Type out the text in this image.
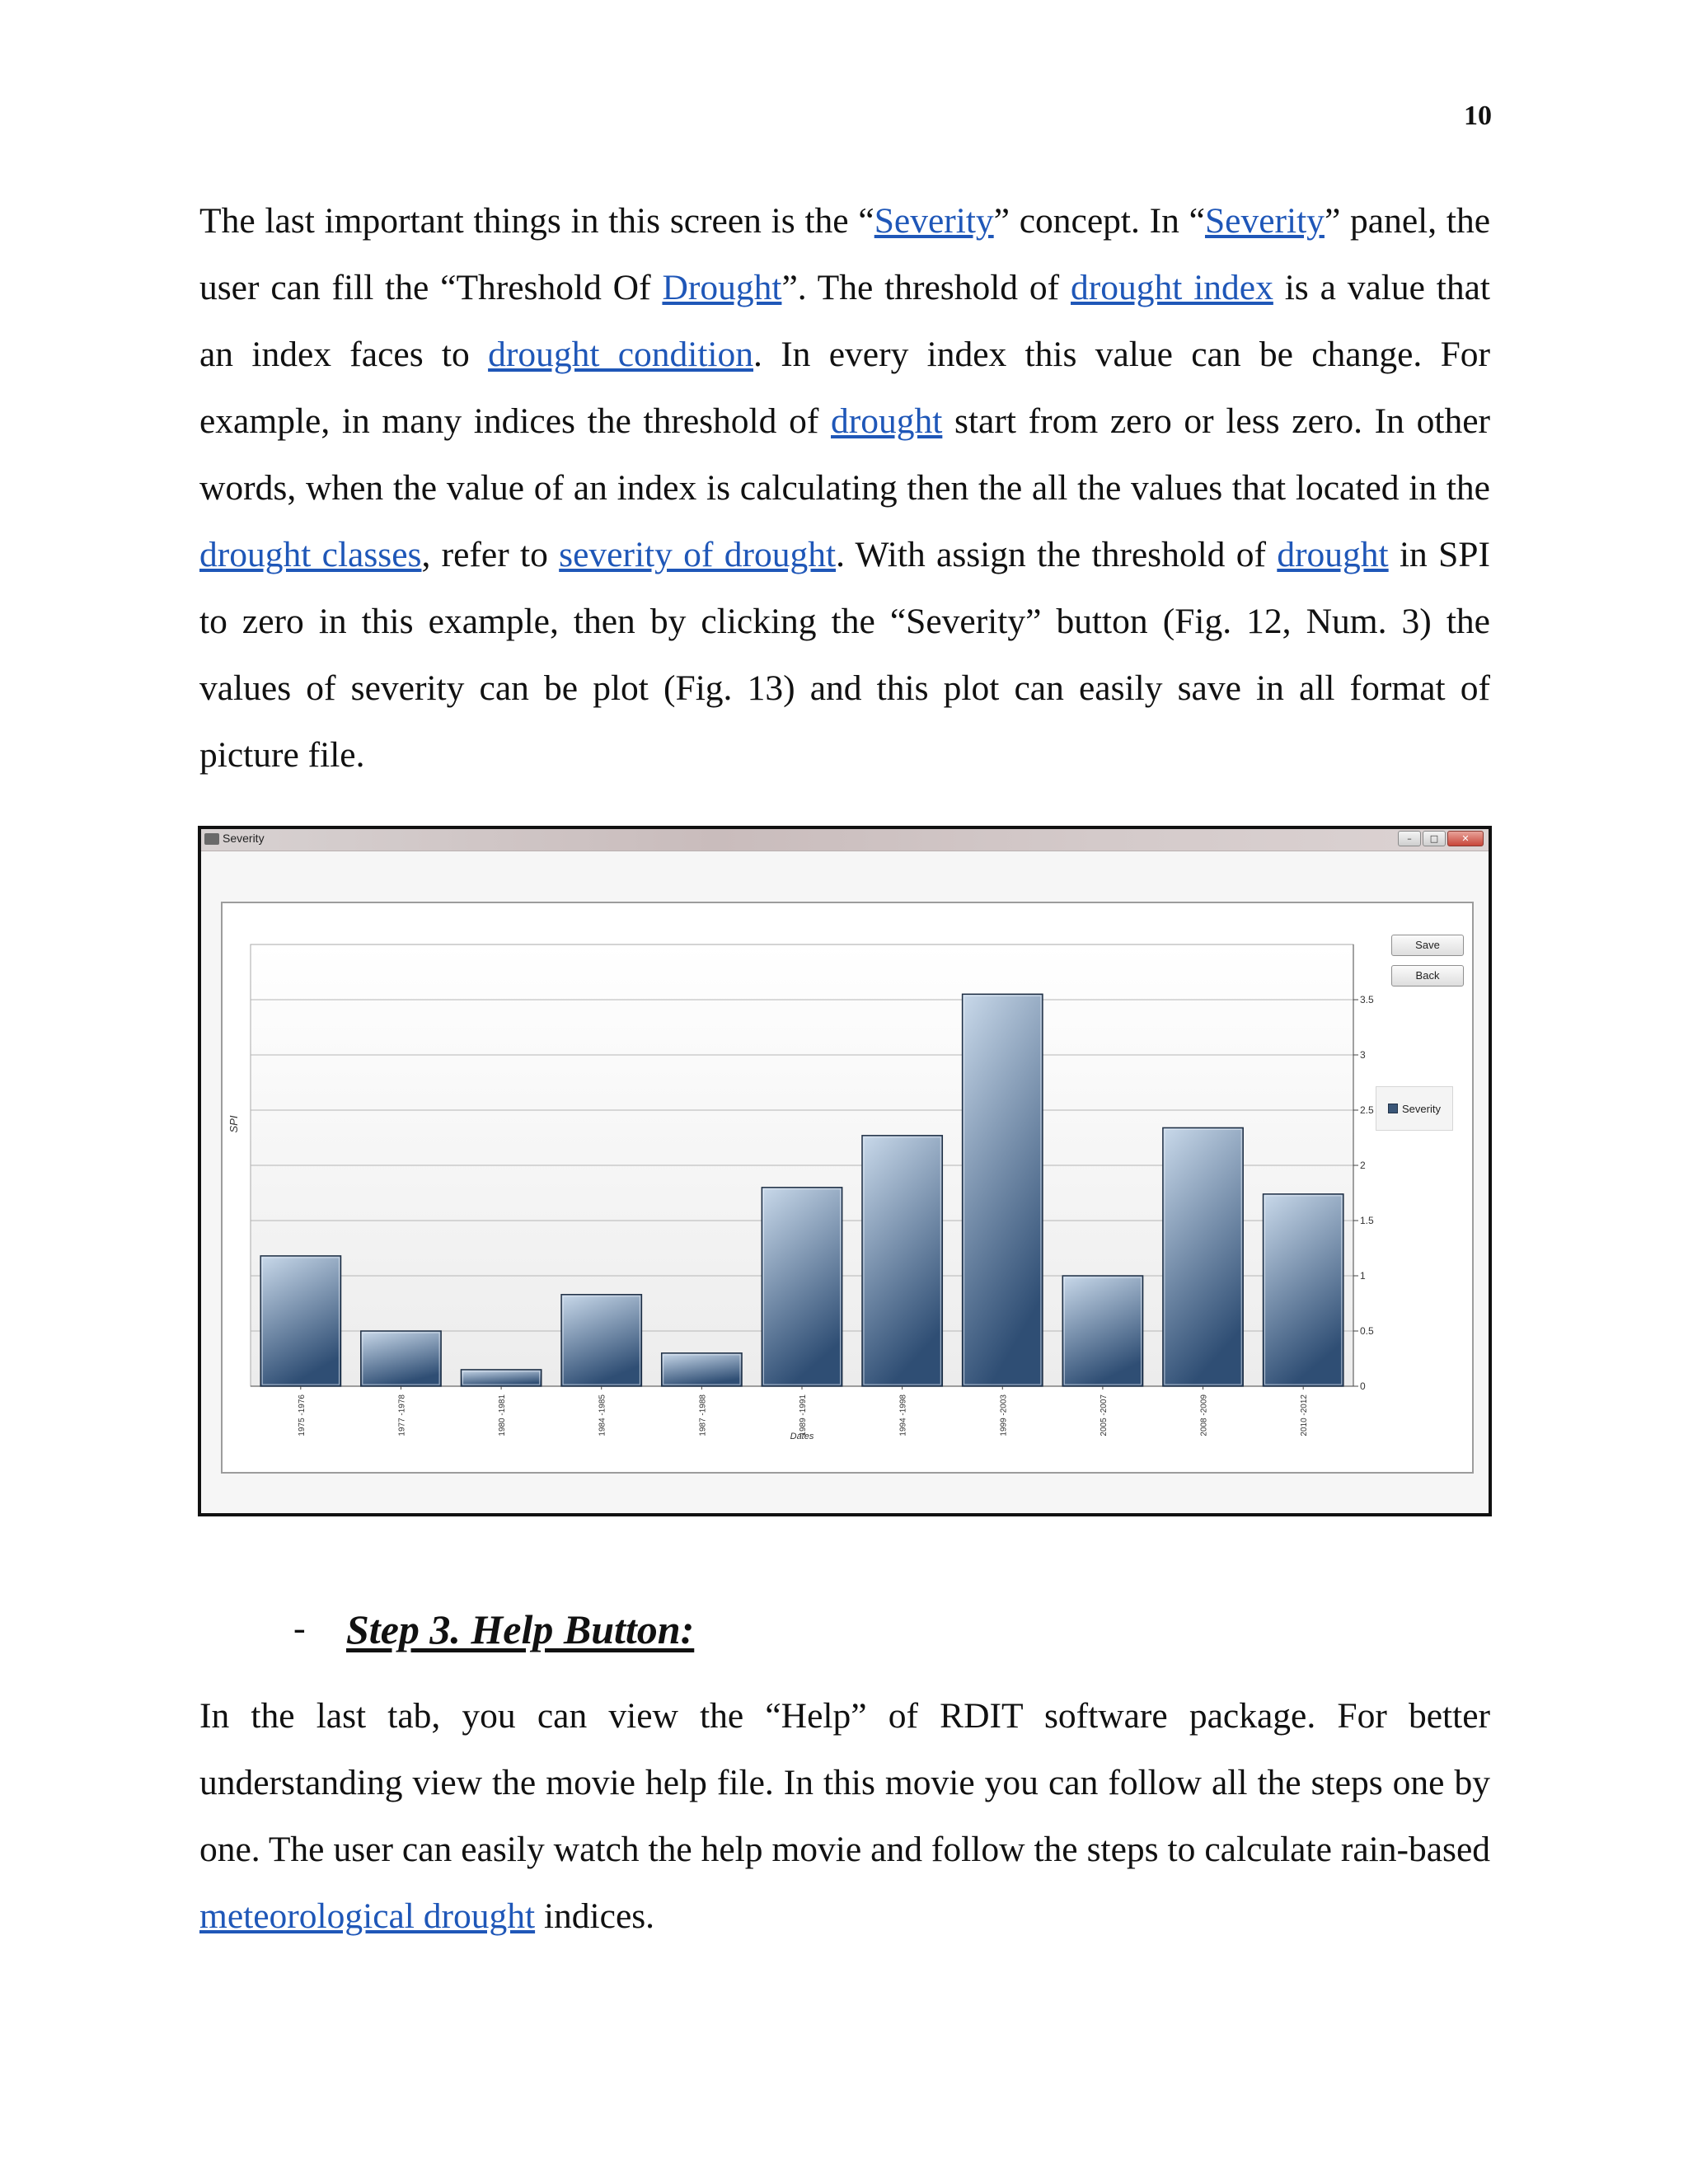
10

The last important things in this screen is the “Severity” concept. In “Severity” panel, the user can fill the “Threshold Of Drought”. The threshold of drought index is a value that an index faces to drought condition. In every index this value can be change. For example, in many indices the threshold of drought start from zero or less zero. In other words, when the value of an index is calculating then the all the values that located in the drought classes, refer to severity of drought. With assign the threshold of drought in SPI to zero in this example, then by clicking the “Severity” button (Fig. 12, Num. 3) the values of severity can be plot (Fig. 13) and this plot can easily save in all format of picture file.

Severity	–	□	✕
0
0.5
1
1.5
2
2.5
3
3.5
1975 -1976	1977 -1978	1980 -1981	1984 -1985	1987 -1988	1989 -1991	1994 -1998	1999 -2003	2005 -2007	2008 -2009	2010 -2012
Dates
SPI
Save
Back
Severity
- Step 3. Help Button:

In the last tab, you can view the “Help” of RDIT software package. For better understanding view the movie help file. In this movie you can follow all the steps one by one. The user can easily watch the help movie and follow the steps to calculate rain-based meteorological drought indices.
